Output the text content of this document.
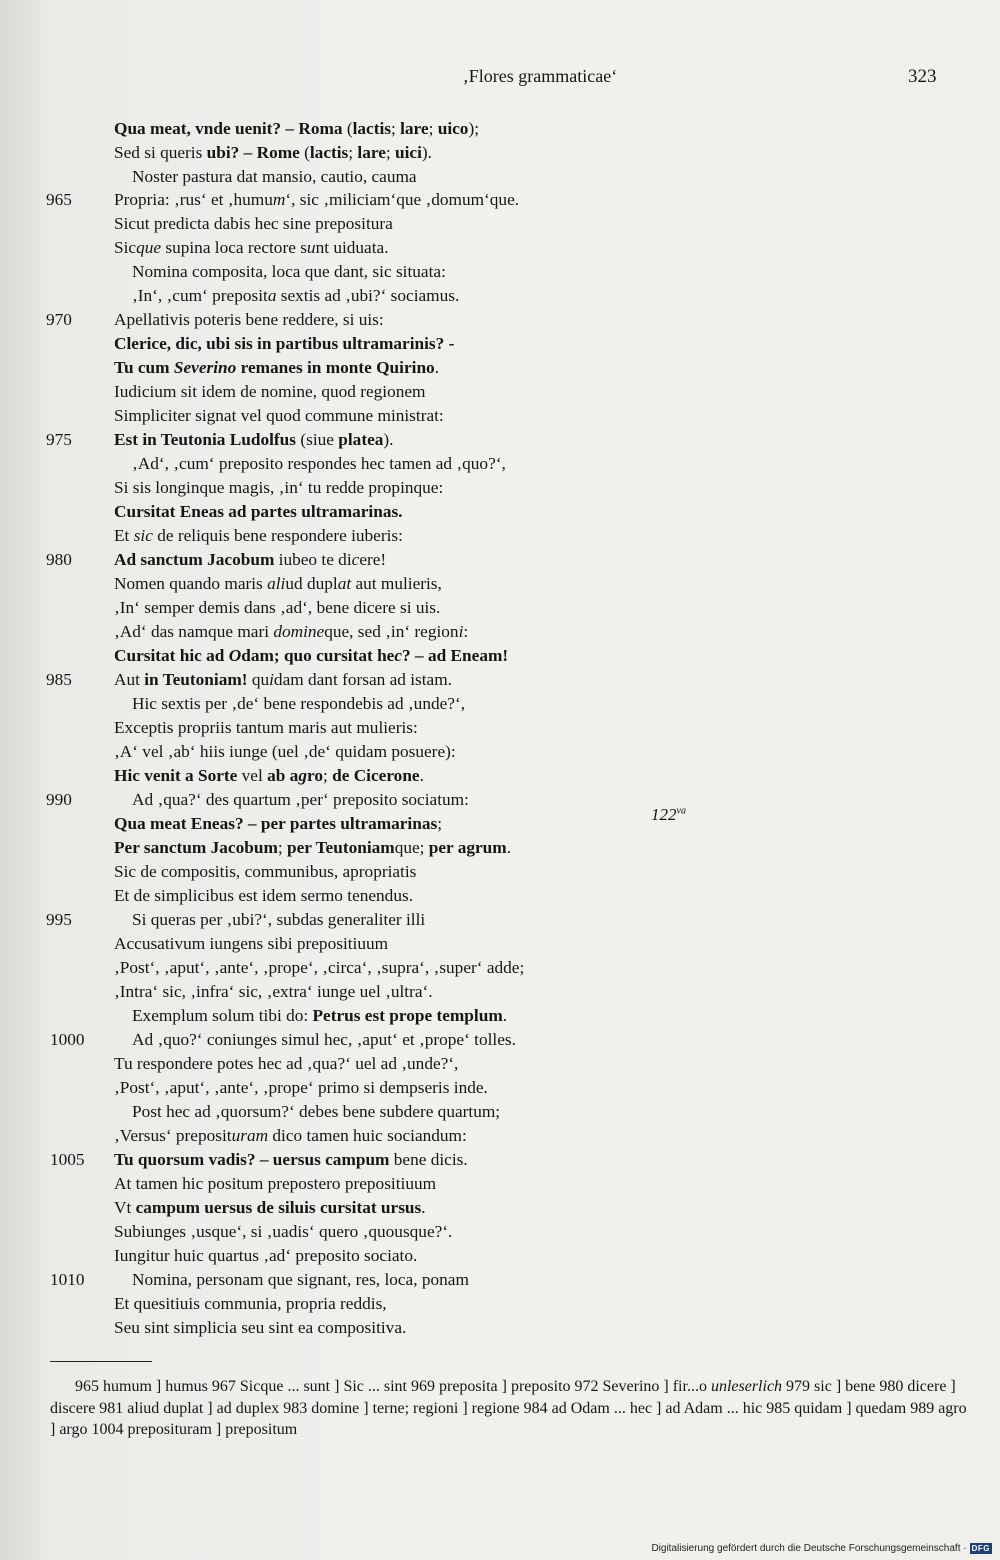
‚Flores grammaticae‘	323
Qua meat, vnde uenit? – Roma (lactis; lare; uico);
Sed si queris ubi? – Rome (lactis; lare; uici).
Noster pastura dat mansio, cautio, cauma
965 Propria: ‚rus‘ et ‚humum‘, sic ‚miliciam‘que ‚domum‘que.
Sicut predicta dabis hec sine prepositura
Sicque supina loca rectore sunt uiduata.
Nomina composita, loca que dant, sic situata:
‚In‘, ‚cum‘ preposita sextis ad ‚ubi?‘ sociamus.
970 Apellativis poteris bene reddere, si uis:
Clerice, dic, ubi sis in partibus ultramarinis? -
Tu cum Severino remanes in monte Quirino.
Iudicium sit idem de nomine, quod regionem
Simpliciter signat vel quod commune ministrat:
975 Est in Teutonia Ludolfus (siue platea).
‚Ad‘, ‚cum‘ preposito respondes hec tamen ad ‚quo?‘,
Si sis longinque magis, ‚in‘ tu redde propinque:
Cursitat Eneas ad partes ultramarinas.
Et sic de reliquis bene respondere iuberis:
980 Ad sanctum Jacobum iubeo te dicere!
Nomen quando maris aliud duplat aut mulieris,
‚In‘ semper demis dans ‚ad‘, bene dicere si uis.
‚Ad‘ das namque mari domineque, sed ‚in‘ regioni:
Cursitat hic ad Odam; quo cursitat hec? – ad Eneam!
985 Aut in Teutoniam! quidam dant forsan ad istam.
Hic sextis per ‚de‘ bene respondebis ad ‚unde?‘,
Exceptis propriis tantum maris aut mulieris:
‚A‘ vel ‚ab‘ hiis iunge (uel ‚de‘ quidam posuere):
Hic venit a Sorte vel ab agro; de Cicerone.
990	Ad ‚qua?‘ des quartum ‚per‘ preposito sociatum:
Qua meat Eneas? – per partes ultramarinas;	$122^{va}$
Per sanctum Jacobum; per Teutoniamque; per agrum.
Sic de compositis, communibus, apropriatis
Et de simplicibus est idem sermo tenendus.
995	Si queras per ‚ubi?‘, subdas generaliter illi
Accusativum iungens sibi prepositiuum
‚Post‘, ‚aput‘, ‚ante‘, ‚prope‘, ‚circa‘, ‚supra‘, ‚super‘ adde;
‚Intra‘ sic, ‚infra‘ sic, ‚extra‘ iunge uel ‚ultra‘.
Exemplum solum tibi do: Petrus est prope templum.
1000	Ad ‚quo?‘ coniunges simul hec, ‚aput‘ et ‚prope‘ tolles.
Tu respondere potes hec ad ‚qua?‘ uel ad ‚unde?‘,
‚Post‘, ‚aput‘, ‚ante‘, ‚prope‘ primo si dempseris inde.
Post hec ad ‚quorsum?‘ debes bene subdere quartum;
‚Versus‘ preposituram dico tamen huic sociandum:
1005 Tu quorsum vadis? – uersus campum bene dicis.
At tamen hic positum prepostero prepositiuum
Vt campum uersus de siluis cursitat ursus.
Subiunges ‚usque‘, si ‚uadis‘ quero ‚quousque?‘.
Iungitur huic quartus ‚ad‘ preposito sociato.
1010	Nomina, personam que signant, res, loca, ponam
Et quesitiuis communia, propria reddis,
Seu sint simplicia seu sint ea compositiva.
965 humum ] humus 967 Sicque ... sunt ] Sic ... sint 969 preposita ] preposito 972 Severino ] fir...o unleserlich 979 sic ] bene 980 dicere ] discere 981 aliud duplat ] ad duplex 983 domine ] terne; regioni ] regione 984 ad Odam ... hec ] ad Adam ... hic 985 quidam ] quedam 989 agro ] argo 1004 preposituram ] prepositum
Digitalisierung gefördert durch die Deutsche Forschungsgemeinschaft · DFG
